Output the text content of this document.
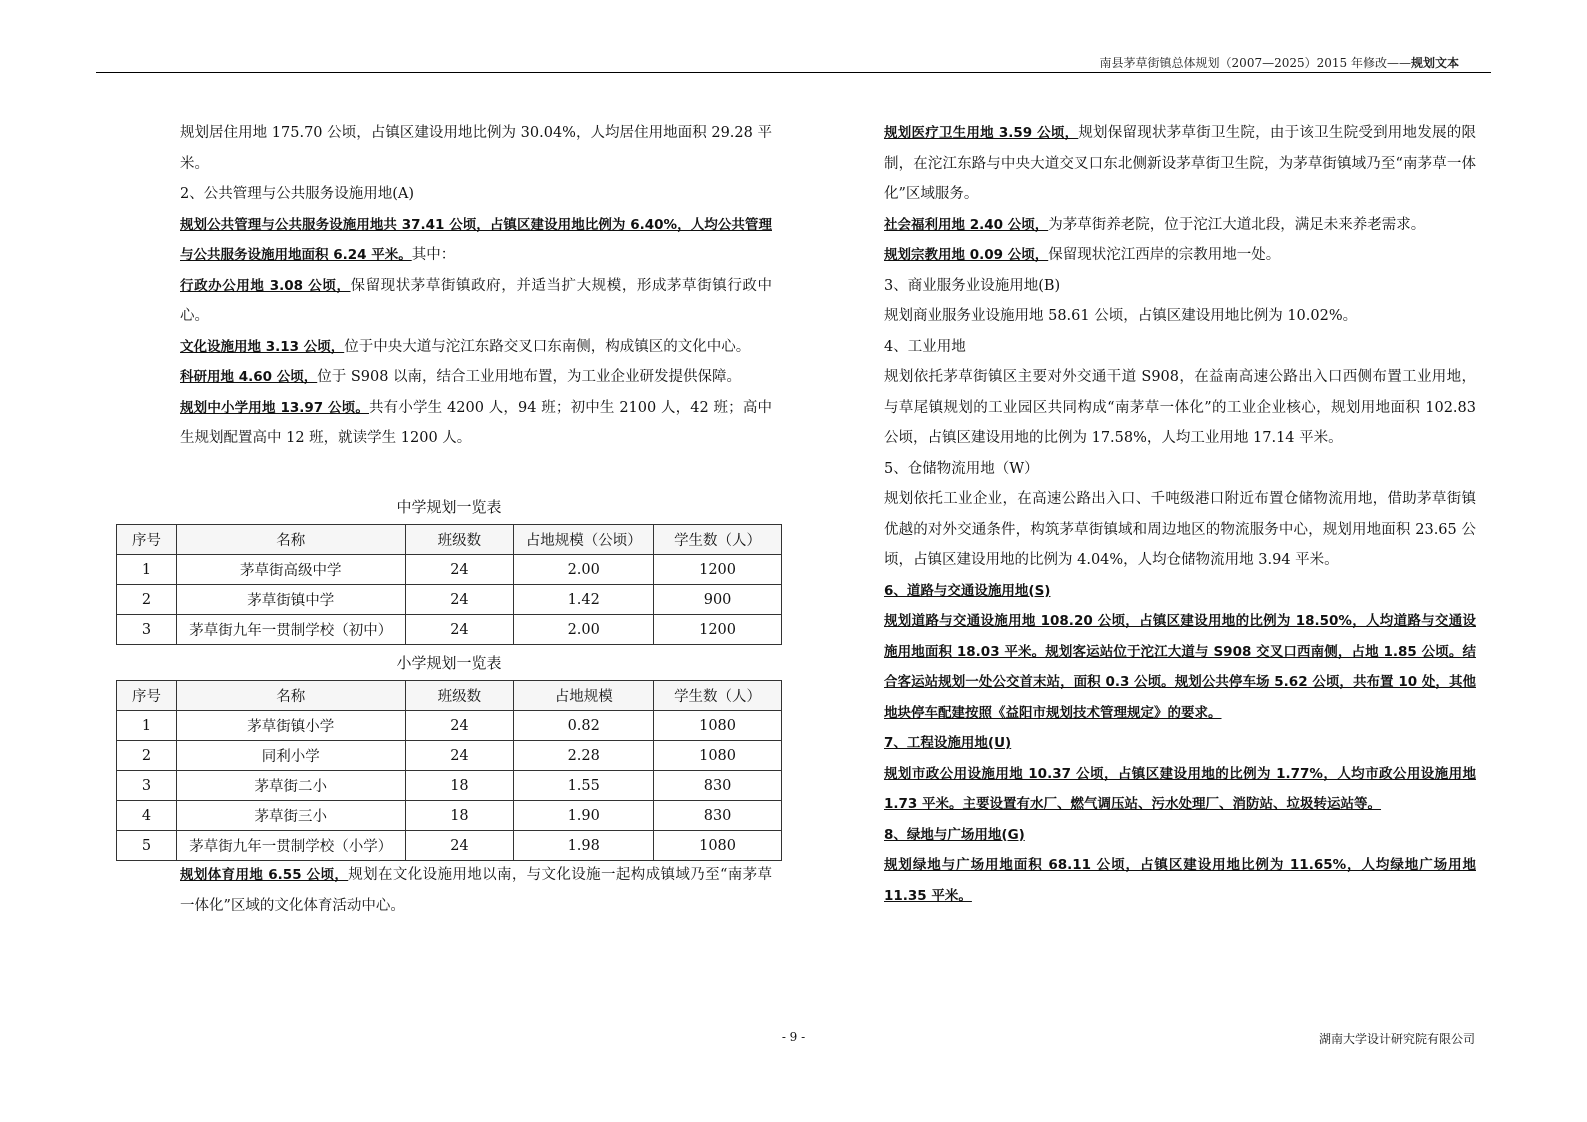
南县茅草街镇总体规划（2007—2025）2015 年修改——规划文本

规划居住用地 175.70 公顷，占镇区建设用地比例为 30.04%，人均居住用地面积 29.28 平米。

2、公共管理与公共服务设施用地(A)

规划公共管理与公共服务设施用地共 37.41 公顷，占镇区建设用地比例为 6.40%，人均公共管理与公共服务设施用地面积 6.24 平米。其中：

行政办公用地 3.08 公顷，保留现状茅草街镇政府，并适当扩大规模，形成茅草街镇行政中心。

文化设施用地 3.13 公顷，位于中央大道与沱江东路交叉口东南侧，构成镇区的文化中心。

科研用地 4.60 公顷，位于 S908 以南，结合工业用地布置，为工业企业研发提供保障。

规划中小学用地 13.97 公顷。共有小学生 4200 人，94 班；初中生 2100 人，42 班；高中生规划配置高中 12 班，就读学生 1200 人。

中学规划一览表
序号	名称	班级数	占地规模（公顷）	学生数（人）
1	茅草街高级中学	24	2.00	1200
2	茅草街镇中学	24	1.42	900
3	茅草街九年一贯制学校（初中）	24	2.00	1200
小学规划一览表
序号	名称	班级数	占地规模	学生数（人）
1	茅草街镇小学	24	0.82	1080
2	同利小学	24	2.28	1080
3	茅草街二小	18	1.55	830
4	茅草街三小	18	1.90	830
5	茅草街九年一贯制学校（小学）	24	1.98	1080

规划体育用地 6.55 公顷，规划在文化设施用地以南，与文化设施一起构成镇域乃至“南茅草一体化”区域的文化体育活动中心。

规划医疗卫生用地 3.59 公顷，规划保留现状茅草街卫生院，由于该卫生院受到用地发展的限制，在沱江东路与中央大道交叉口东北侧新设茅草街卫生院，为茅草街镇域乃至“南茅草一体化”区域服务。

社会福利用地 2.40 公顷，为茅草街养老院，位于沱江大道北段，满足未来养老需求。

规划宗教用地 0.09 公顷，保留现状沱江西岸的宗教用地一处。

3、商业服务业设施用地(B)

规划商业服务业设施用地 58.61 公顷，占镇区建设用地比例为 10.02%。

4、工业用地

规划依托茅草街镇区主要对外交通干道 S908，在益南高速公路出入口西侧布置工业用地，与草尾镇规划的工业园区共同构成“南茅草一体化”的工业企业核心，规划用地面积 102.83 公顷，占镇区建设用地的比例为 17.58%，人均工业用地 17.14 平米。

5、仓储物流用地（W）

规划依托工业企业，在高速公路出入口、千吨级港口附近布置仓储物流用地，借助茅草街镇优越的对外交通条件，构筑茅草街镇域和周边地区的物流服务中心，规划用地面积 23.65 公顷，占镇区建设用地的比例为 4.04%，人均仓储物流用地 3.94 平米。

6、道路与交通设施用地(S)

规划道路与交通设施用地 108.20 公顷，占镇区建设用地的比例为 18.50%，人均道路与交通设施用地面积 18.03 平米。规划客运站位于沱江大道与 S908 交叉口西南侧，占地 1.85 公顷。结合客运站规划一处公交首末站，面积 0.3 公顷。规划公共停车场 5.62 公顷，共布置 10 处，其他地块停车配建按照《益阳市规划技术管理规定》的要求。

7、工程设施用地(U)

规划市政公用设施用地 10.37 公顷，占镇区建设用地的比例为 1.77%，人均市政公用设施用地 1.73 平米。主要设置有水厂、燃气调压站、污水处理厂、消防站、垃圾转运站等。

8、绿地与广场用地(G)

规划绿地与广场用地面积 68.11 公顷，占镇区建设用地比例为 11.65%，人均绿地广场用地 11.35 平米。

- 9 -	湖南大学设计研究院有限公司
